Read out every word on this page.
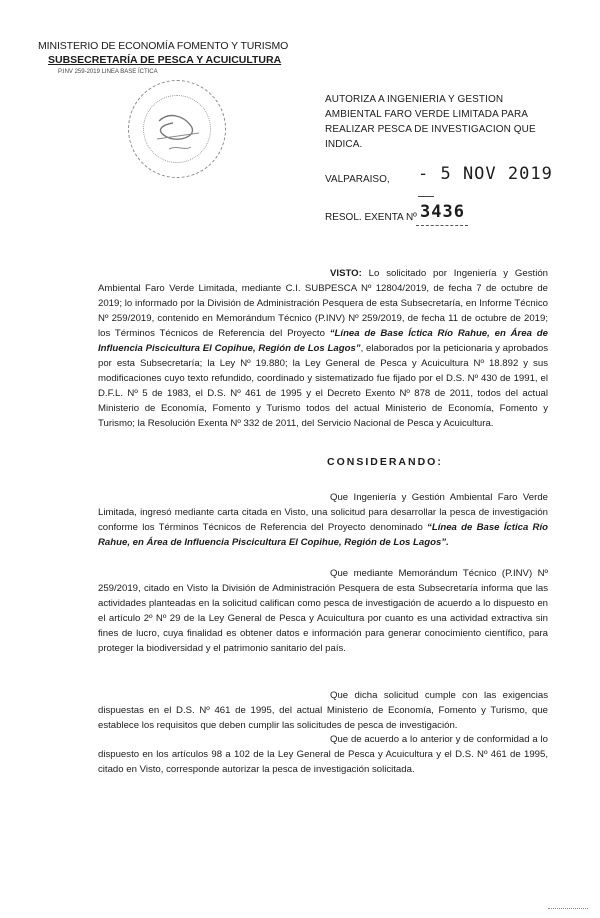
MINISTERIO DE ECONOMÍA FOMENTO Y TURISMO
SUBSECRETARÍA DE PESCA Y ACUICULTURA
P.INV 259-2019 LINEA BASE ÍCTICA
AUTORIZA A INGENIERIA Y GESTION AMBIENTAL FARO VERDE LIMITADA PARA REALIZAR PESCA DE INVESTIGACION QUE INDICA.
VALPARAISO, - 5 NOV 2019
RESOL. EXENTA Nº 3436
VISTO: Lo solicitado por Ingeniería y Gestión Ambiental Faro Verde Limitada, mediante C.I. SUBPESCA Nº 12804/2019, de fecha 7 de octubre de 2019; lo informado por la División de Administración Pesquera de esta Subsecretaría, en Informe Técnico Nº 259/2019, contenido en Memorándum Técnico (P.INV) Nº 259/2019, de fecha 11 de octubre de 2019; los Términos Técnicos de Referencia del Proyecto “Línea de Base Íctica Río Rahue, en Área de Influencia Piscicultura El Copihue, Región de Los Lagos”, elaborados por la peticionaria y aprobados por esta Subsecretaría; la Ley Nº 19.880; la Ley General de Pesca y Acuicultura Nº 18.892 y sus modificaciones cuyo texto refundido, coordinado y sistematizado fue fijado por el D.S. Nº 430 de 1991, el D.F.L. Nº 5 de 1983, el D.S. Nº 461 de 1995 y el Decreto Exento Nº 878 de 2011, todos del actual Ministerio de Economía, Fomento y Turismo todos del actual Ministerio de Economía, Fomento y Turismo; la Resolución Exenta Nº 332 de 2011, del Servicio Nacional de Pesca y Acuicultura.
CONSIDERANDO:
Que Ingeniería y Gestión Ambiental Faro Verde Limitada, ingresó mediante carta citada en Visto, una solicitud para desarrollar la pesca de investigación conforme los Términos Técnicos de Referencia del Proyecto denominado “Línea de Base Íctica Río Rahue, en Área de Influencia Piscicultura El Copihue, Región de Los Lagos”.
Que mediante Memorándum Técnico (P.INV) Nº 259/2019, citado en Visto la División de Administración Pesquera de esta Subsecretaría informa que las actividades planteadas en la solicitud califican como pesca de investigación de acuerdo a lo dispuesto en el artículo 2º Nº 29 de la Ley General de Pesca y Acuicultura por cuanto es una actividad extractiva sin fines de lucro, cuya finalidad es obtener datos e información para generar conocimiento científico, para proteger la biodiversidad y el patrimonio sanitario del país.
Que dicha solicitud cumple con las exigencias dispuestas en el D.S. Nº 461 de 1995, del actual Ministerio de Economía, Fomento y Turismo, que establece los requisitos que deben cumplir las solicitudes de pesca de investigación.
Que de acuerdo a lo anterior y de conformidad a lo dispuesto en los artículos 98 a 102 de la Ley General de Pesca y Acuicultura y el D.S. Nº 461 de 1995, citado en Visto, corresponde autorizar la pesca de investigación solicitada.
